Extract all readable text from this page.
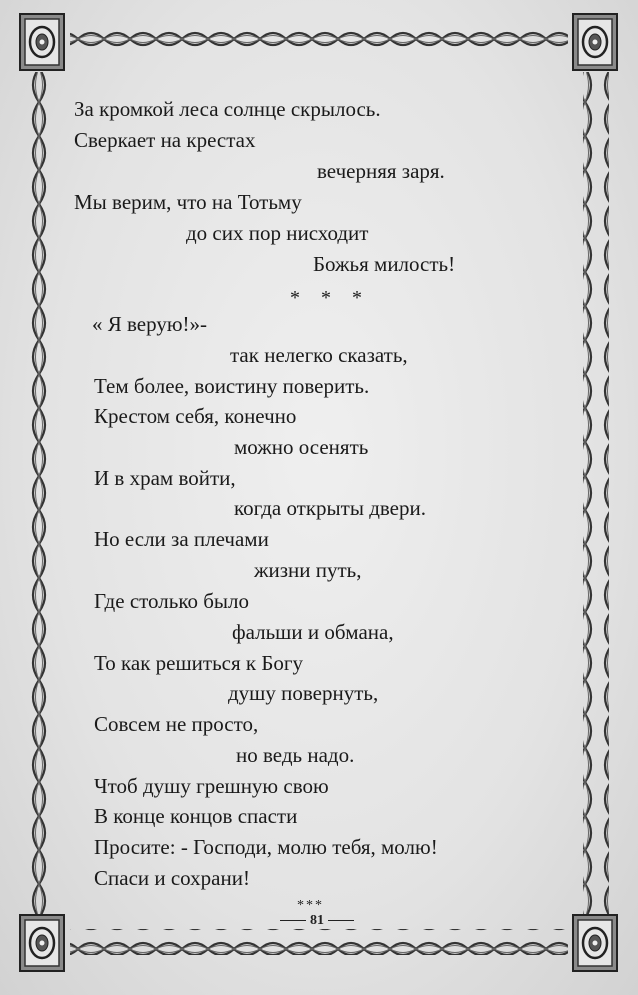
За кромкой леса солнце скрылось.

Сверкает на крестах

вечерняя заря.

Мы верим, что на Тотьму

до сих пор нисходит

Божья милость!

* * *

« Я верую!»-

так нелегко сказать,

Тем более, воистину поверить.

Крестом себя, конечно

можно осенять

И в храм войти,

когда открыты двери.

Но если за плечами

жизни путь,

Где столько было

фальши и обмана,

То как решиться к Богу

душу повернуть,

Совсем не просто,

но ведь надо.

Чтоб душу грешную свою

В конце концов спасти

Просите: - Господи, молю тебя, молю!

Спаси и сохрани!

***

81
